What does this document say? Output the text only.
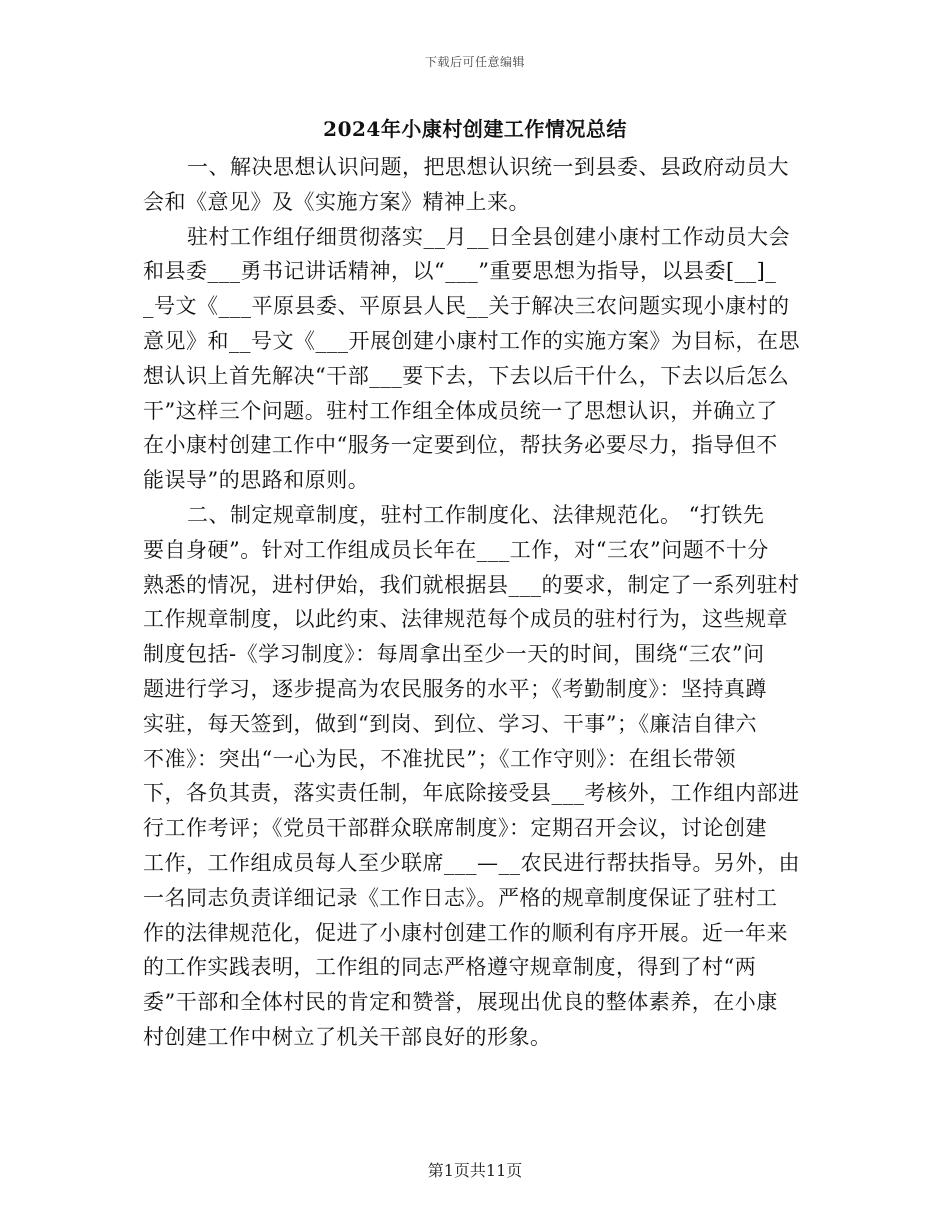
下载后可任意编辑
2024年小康村创建工作情况总结
一、解决思想认识问题，把思想认识统一到县委、县政府动员大
会和《意见》及《实施方案》精神上来。
驻村工作组仔细贯彻落实__月__日全县创建小康村工作动员大会
和县委___勇书记讲话精神，以“___”重要思想为指导，以县委[__]_
_号文《___平原县委、平原县人民__关于解决三农问题实现小康村的
意见》和__号文《___开展创建小康村工作的实施方案》为目标，在思
想认识上首先解决“干部___要下去，下去以后干什么，下去以后怎么
干”这样三个问题。驻村工作组全体成员统一了思想认识，并确立了
在小康村创建工作中“服务一定要到位，帮扶务必要尽力，指导但不
能误导”的思路和原则。
二、制定规章制度，驻村工作制度化、法律规范化。 “打铁先
要自身硬”。针对工作组成员长年在___工作，对“三农”问题不十分
熟悉的情况，进村伊始，我们就根据县___的要求，制定了一系列驻村
工作规章制度，以此约束、法律规范每个成员的驻村行为，这些规章
制度包括-《学习制度》：每周拿出至少一天的时间，围绕“三农”问
题进行学习，逐步提高为农民服务的水平；《考勤制度》：坚持真蹲
实驻，每天签到，做到“到岗、到位、学习、干事”；《廉洁自律六
不准》：突出“一心为民，不准扰民”；《工作守则》：在组长带领
下，各负其责，落实责任制，年底除接受县___考核外，工作组内部进
行工作考评；《党员干部群众联席制度》：定期召开会议，讨论创建
工作，工作组成员每人至少联席___—__农民进行帮扶指导。另外，由
一名同志负责详细记录《工作日志》。严格的规章制度保证了驻村工
作的法律规范化，促进了小康村创建工作的顺利有序开展。近一年来
的工作实践表明，工作组的同志严格遵守规章制度，得到了村“两
委”干部和全体村民的肯定和赞誉，展现出优良的整体素养，在小康
村创建工作中树立了机关干部良好的形象。
第1页共11页
